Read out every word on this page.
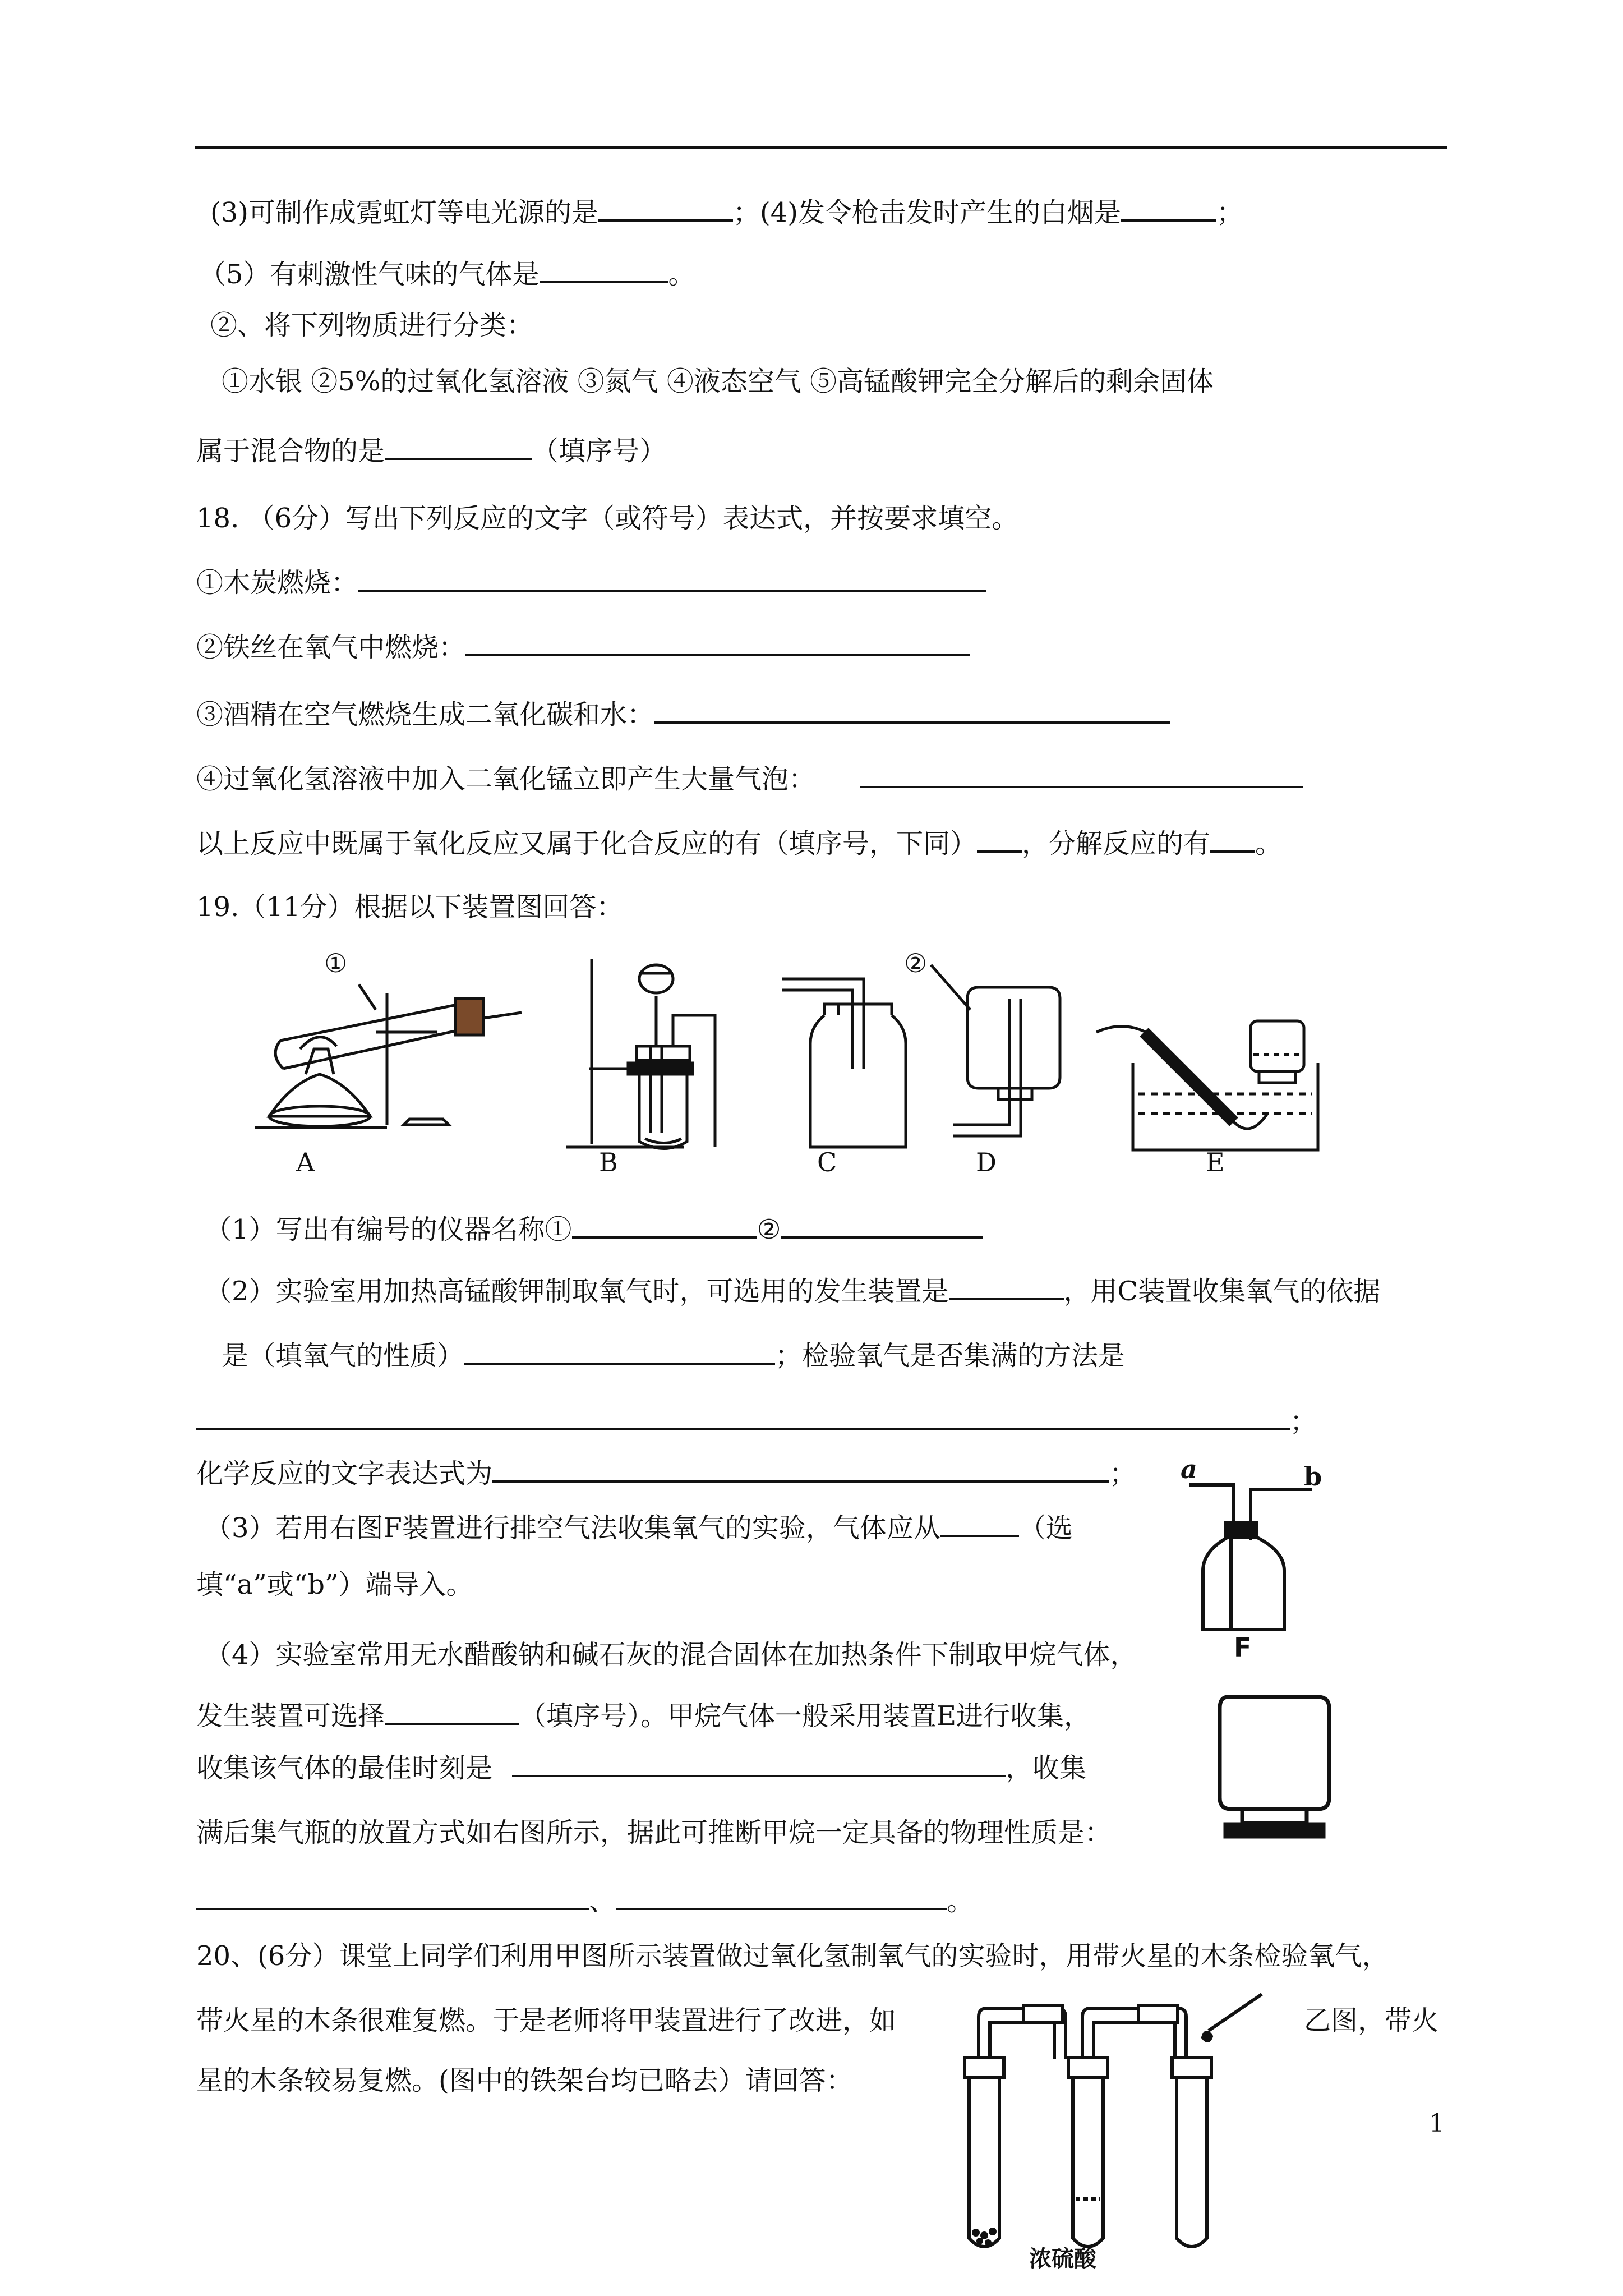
(3)可制作成霓虹灯等电光源的是	；(4)发令枪击发时产生的白烟是	；
（5）有刺激性气味的气体是	。
②、将下列物质进行分类：
①水银 ②5%的过氧化氢溶液 ③氮气 ④液态空气 ⑤高锰酸钾完全分解后的剩余固体
属于混合物的是	（填序号）
18. （6分）写出下列反应的文字（或符号）表达式，并按要求填空。
①木炭燃烧：
②铁丝在氧气中燃烧：
③酒精在空气燃烧生成二氧化碳和水：
④过氧化氢溶液中加入二氧化锰立即产生大量气泡：
以上反应中既属于氧化反应又属于化合反应的有（填序号，下同） ，分解反应的有 。
19.（11分）根据以下装置图回答：
①	②
A	B	C	D	E
（1）写出有编号的仪器名称①	②
（2）实验室用加热高锰酸钾制取氧气时，可选用的发生装置是	，用C装置收集氧气的依据
是（填氧气的性质）	；检验氧气是否集满的方法是
；
化学反应的文字表达式为	；
（3）若用右图F装置进行排空气法收集氧气的实验，气体应从	（选
填“a”或“b”）端导入。
a	b
F
（4）实验室常用无水醋酸钠和碱石灰的混合固体在加热条件下制取甲烷气体，
发生装置可选择	（填序号）。甲烷气体一般采用装置E进行收集，
收集该气体的最佳时刻是	，收集
满后集气瓶的放置方式如右图所示，据此可推断甲烷一定具备的物理性质是：
、	。
20、(6分）课堂上同学们利用甲图所示装置做过氧化氢制氧气的实验时，用带火星的木条检验氧气，
带火星的木条很难复燃。于是老师将甲装置进行了改进，如	乙图，带火
星的木条较易复燃。(图中的铁架台均已略去）请回答：
浓硫酸
1
